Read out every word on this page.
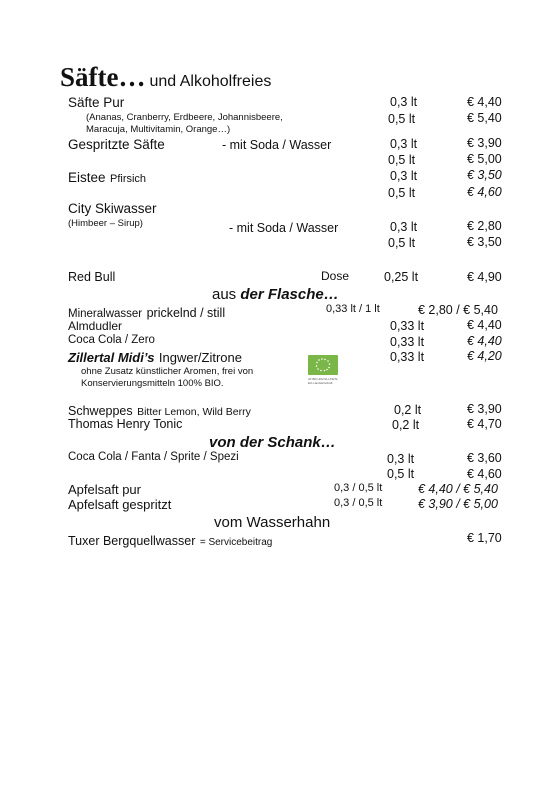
Säfte… und Alkoholfreies
Säfte Pur
(Ananas, Cranberry, Erdbeere, Johannisbeere,
Maracuja, Multivitamin, Orange…)
0,3 lt	€ 4,40
0,5 lt	€ 5,40
Gespritzte Säfte	- mit Soda / Wasser	0,3 lt	€ 3,90
0,5 lt	€ 5,00
Eistee Pfirsich	0,3 lt	€ 3,50
0,5 lt	€ 4,60
City Skiwasser
(Himbeer – Sirup)	- mit Soda / Wasser	0,3 lt	€ 2,80
0,5 lt	€ 3,50
Red Bull	Dose	0,25 lt	€ 4,90
aus der Flasche…
Mineralwasser prickelnd / still	0,33 lt / 1 lt	€ 2,80 / € 5,40
Almdudler	0,33 lt	€ 4,40
Coca Cola / Zero	0,33 lt	€ 4,40
Zillertal Midi’s Ingwer/Zitrone
ohne Zusatz künstlicher Aromen, frei von
Konservierungsmitteln 100% BIO.
0,33 lt	€ 4,20
AT-BIO-402 EU-/Nicht-EU-Landwirtschaft
Schweppes Bitter Lemon, Wild Berry	0,2 lt	€ 3,90
Thomas Henry Tonic	0,2 lt	€ 4,70
von der Schank…
Coca Cola / Fanta / Sprite / Spezi	0,3 lt	€ 3,60
0,5 lt	€ 4,60
Apfelsaft pur	0,3 / 0,5 lt	€ 4,40 / € 5,40
Apfelsaft gespritzt	0,3 / 0,5 lt	€ 3,90 / € 5,00
vom Wasserhahn
Tuxer Bergquellwasser = Servicebeitrag	€ 1,70
